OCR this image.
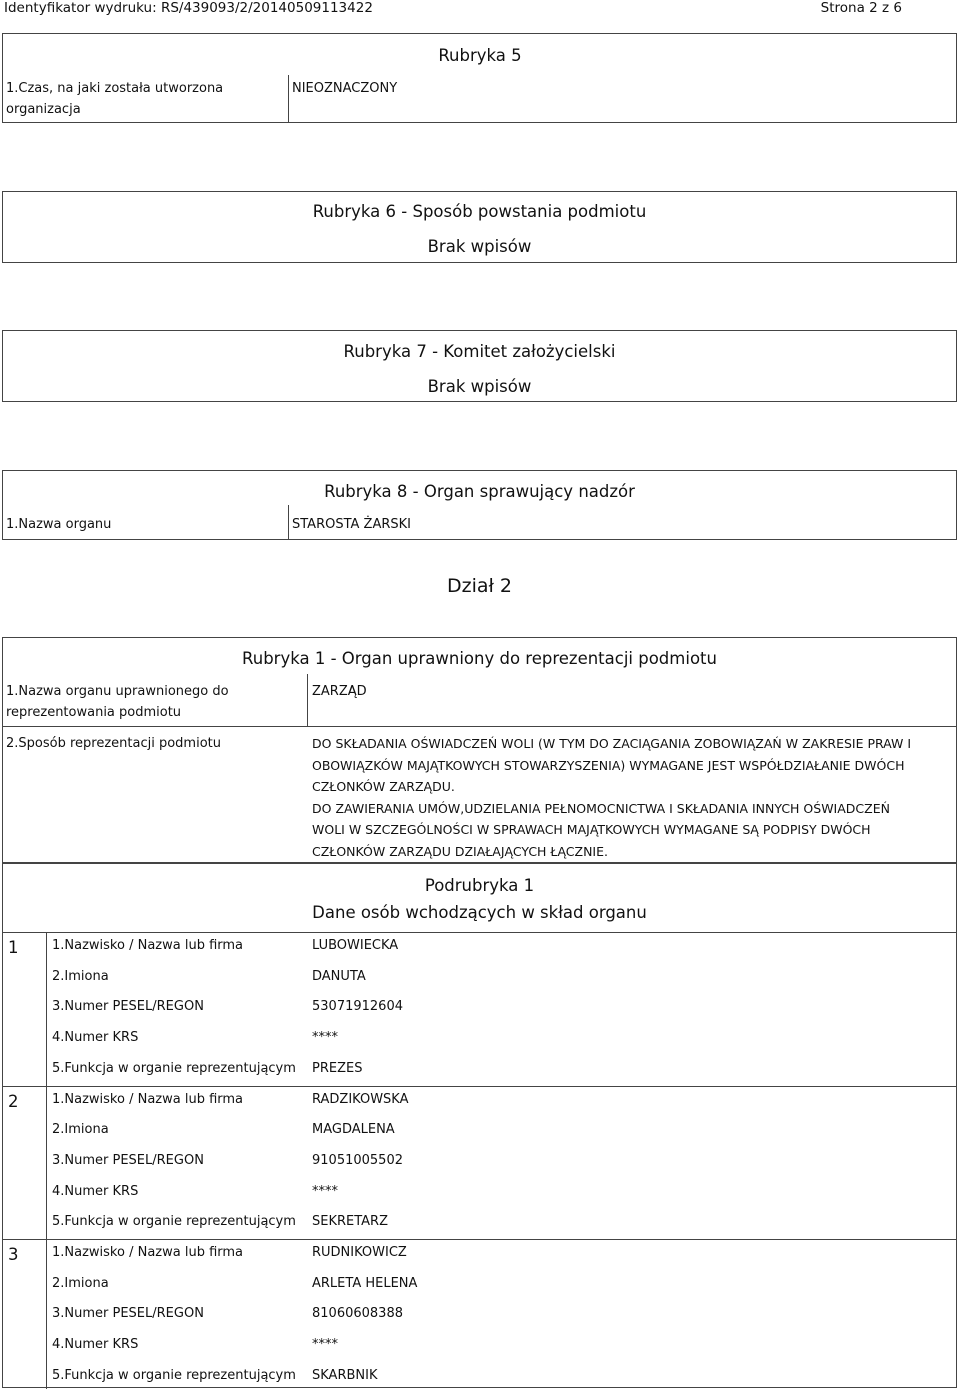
Identyfikator wydruku: RS/439093/2/20140509113422	Strona 2 z 6
Rubryka 5
1.Czas, na jaki została utworzona
organizacja
NIEOZNACZONY
Rubryka 6 - Sposób powstania podmiotu
Brak wpisów
Rubryka 7 - Komitet założycielski
Brak wpisów
Rubryka 8 - Organ sprawujący nadzór
1.Nazwa organu	STAROSTA ŻARSKI
Dział 2
Rubryka 1 - Organ uprawniony do reprezentacji podmiotu
1.Nazwa organu uprawnionego do
reprezentowania podmiotu
ZARZĄD
2.Sposób reprezentacji podmiotu	DO SKŁADANIA OŚWIADCZEŃ WOLI (W TYM DO ZACIĄGANIA ZOBOWIĄZAŃ W ZAKRESIE PRAW I
OBOWIĄZKÓW MAJĄTKOWYCH STOWARZYSZENIA) WYMAGANE JEST WSPÓŁDZIAŁANIE DWÓCH
CZŁONKÓW ZARZĄDU.
DO ZAWIERANIA UMÓW,UDZIELANIA PEŁNOMOCNICTWA I SKŁADANIA INNYCH OŚWIADCZEŃ
WOLI W SZCZEGÓLNOŚCI W SPRAWACH MAJĄTKOWYCH WYMAGANE SĄ PODPISY DWÓCH
CZŁONKÓW ZARZĄDU DZIAŁAJĄCYCH ŁĄCZNIE.
Podrubryka 1
Dane osób wchodzących w skład organu
1	1.Nazwisko / Nazwa lub firma	LUBOWIECKA
2.Imiona	DANUTA
3.Numer PESEL/REGON	53071912604
4.Numer KRS	****
5.Funkcja w organie reprezentującym PREZES
2	1.Nazwisko / Nazwa lub firma	RADZIKOWSKA
2.Imiona	MAGDALENA
3.Numer PESEL/REGON	91051005502
4.Numer KRS	****
5.Funkcja w organie reprezentującym SEKRETARZ
3	1.Nazwisko / Nazwa lub firma	RUDNIKOWICZ
2.Imiona	ARLETA HELENA
3.Numer PESEL/REGON	81060608388
4.Numer KRS	****
5.Funkcja w organie reprezentującym SKARBNIK
